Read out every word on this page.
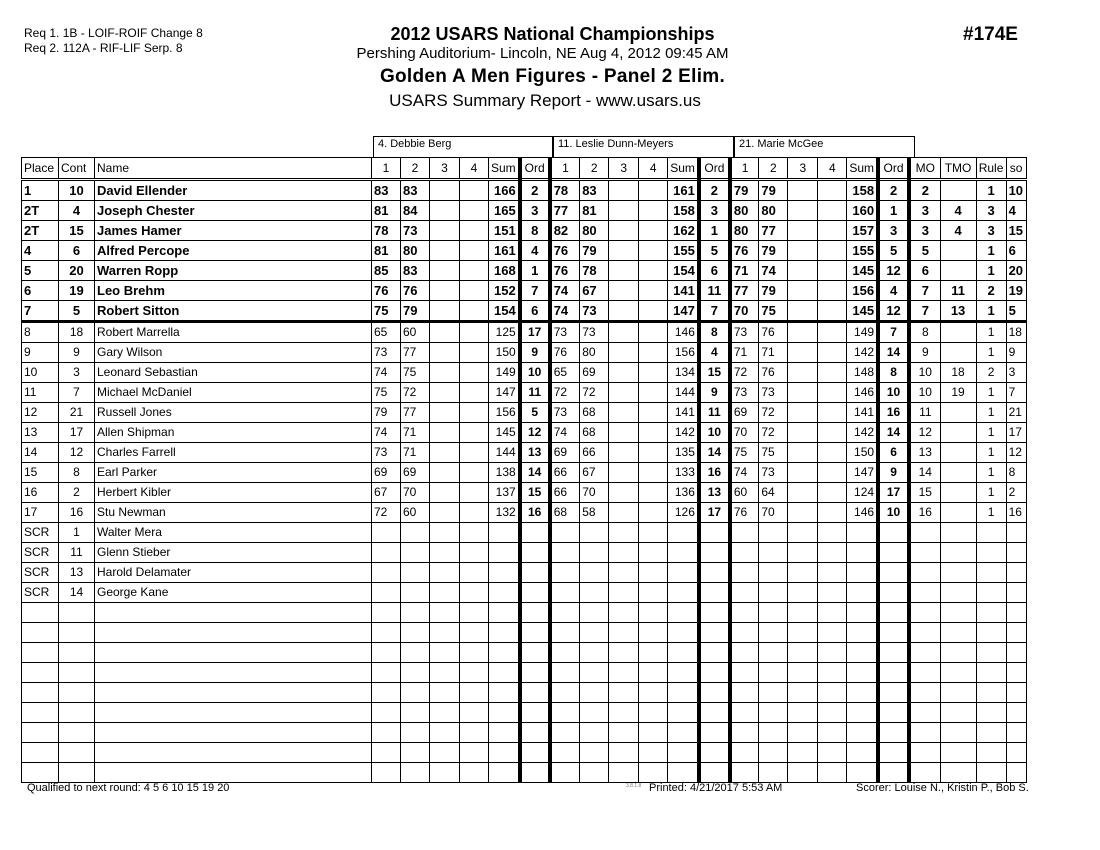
Req 1. 1B - LOIF-ROIF Change 8
Req 2. 112A - RIF-LIF Serp. 8
2012 USARS National Championships
Pershing Auditorium- Lincoln, NE Aug 4, 2012 09:45 AM
Golden A Men Figures - Panel 2 Elim.
USARS Summary Report - www.usars.us
#174E
4. Debbie Berg	11. Leslie Dunn-Meyers	21. Marie McGee
Place	Cont	Name	1	2	3	4	Sum	Ord	1	2	3	4	Sum	Ord	1	2	3	4	Sum	Ord	MO	TMO	Rule	so
1	10	David Ellender	83	83			166	2	78	83			161	2	79	79			158	2	2		1	10
2T	4	Joseph Chester	81	84			165	3	77	81			158	3	80	80			160	1	3	4	3	4
2T	15	James Hamer	78	73			151	8	82	80			162	1	80	77			157	3	3	4	3	15
4	6	Alfred Percope	81	80			161	4	76	79			155	5	76	79			155	5	5		1	6
5	20	Warren Ropp	85	83			168	1	76	78			154	6	71	74			145	12	6		1	20
6	19	Leo Brehm	76	76			152	7	74	67			141	11	77	79			156	4	7	11	2	19
7	5	Robert Sitton	75	79			154	6	74	73			147	7	70	75			145	12	7	13	1	5
8	18	Robert Marrella	65	60			125	17	73	73			146	8	73	76			149	7	8		1	18
9	9	Gary Wilson	73	77			150	9	76	80			156	4	71	71			142	14	9		1	9
10	3	Leonard Sebastian	74	75			149	10	65	69			134	15	72	76			148	8	10	18	2	3
11	7	Michael McDaniel	75	72			147	11	72	72			144	9	73	73			146	10	10	19	1	7
12	21	Russell Jones	79	77			156	5	73	68			141	11	69	72			141	16	11		1	21
13	17	Allen Shipman	74	71			145	12	74	68			142	10	70	72			142	14	12		1	17
14	12	Charles Farrell	73	71			144	13	69	66			135	14	75	75			150	6	13		1	12
15	8	Earl Parker	69	69			138	14	66	67			133	16	74	73			147	9	14		1	8
16	2	Herbert Kibler	67	70			137	15	66	70			136	13	60	64			124	17	15		1	2
17	16	Stu Newman	72	60			132	16	68	58			126	17	76	70			146	10	16		1	16
SCR	1	Walter Mera																						
SCR	11	Glenn Stieber																						
SCR	13	Harold Delamater																						
SCR	14	George Kane																						

Qualified to next round: 4 5 6 10 15 19 20	3.8.1.8 Printed: 4/21/2017 5:53 AM	Scorer: Louise N., Kristin P., Bob S.
